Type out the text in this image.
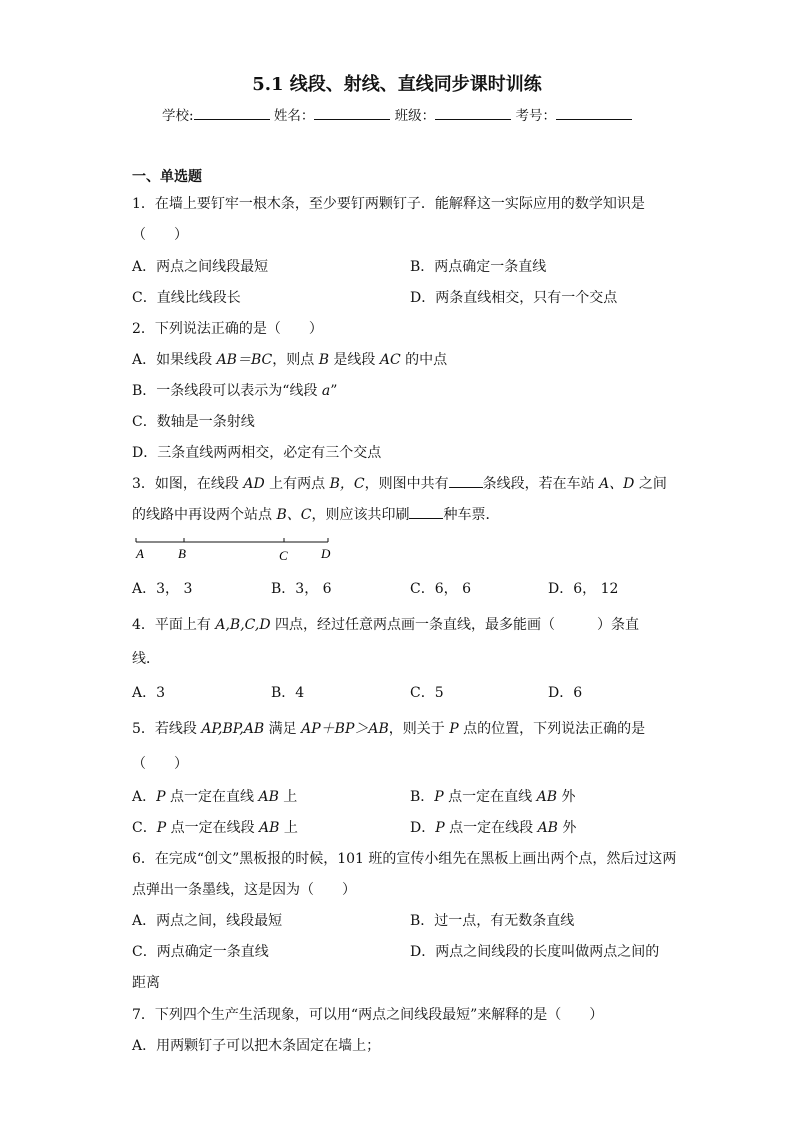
5.1 线段、射线、直线同步课时训练
学校:	姓名：	班级：	考号：
一、单选题
1．在墙上要钉牢一根木条，至少要钉两颗钉子．能解释这一实际应用的数学知识是
（　　）
A．两点之间线段最短	B．两点确定一条直线
C．直线比线段长	D．两条直线相交，只有一个交点
2．下列说法正确的是（　　）
A．如果线段 AB＝BC，则点 B 是线段 AC 的中点
B．一条线段可以表示为“线段 a”
C．数轴是一条射线
D．三条直线两两相交，必定有三个交点
3．如图，在线段 AD 上有两点 B，C，则图中共有 条线段，若在车站 A、D 之间
的线路中再设两个站点 B、C，则应该共印刷 种车票．
A	B	C	D
A．3， 3	B．3， 6	C．6， 6	D．6， 12
4．平面上有 A,B,C,D 四点，经过任意两点画一条直线，最多能画（　　　）条直
线．
A．3	B．4	C．5	D．6
5．若线段 AP,BP,AB 满足 AP＋BP＞AB，则关于 P 点的位置，下列说法正确的是
（　　）
A．P 点一定在直线 AB 上	B．P 点一定在直线 AB 外
C．P 点一定在线段 AB 上	D．P 点一定在线段 AB 外
6．在完成“创文”黑板报的时候，101 班的宣传小组先在黑板上画出两个点，然后过这两
点弹出一条墨线，这是因为（　　）
A．两点之间，线段最短	B．过一点，有无数条直线
C．两点确定一条直线	D．两点之间线段的长度叫做两点之间的
距离
7．下列四个生产生活现象，可以用“两点之间线段最短”来解释的是（　　）
A．用两颗钉子可以把木条固定在墙上；
